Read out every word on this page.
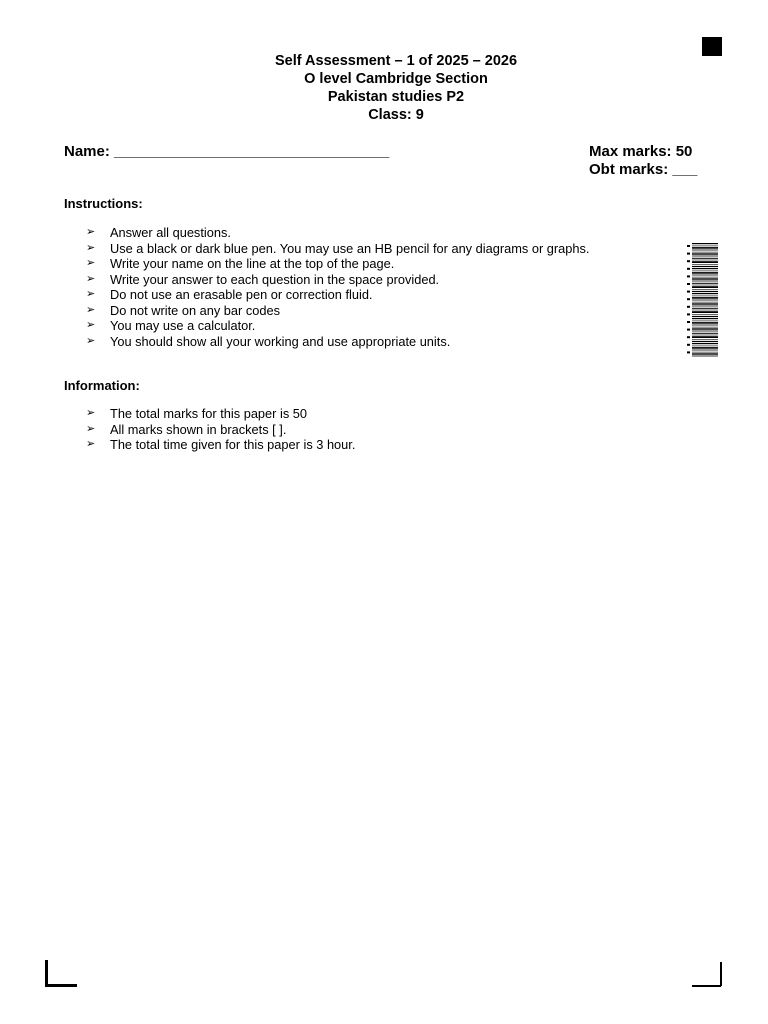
Self Assessment – 1 of 2025 – 2026
O level Cambridge Section
Pakistan studies P2
Class: 9
Name: _________________________________	Max marks: 50
Obt marks: ___
Instructions:
➢	Answer all questions.
➢	Use a black or dark blue pen. You may use an HB pencil for any diagrams or graphs.
➢	Write your name on the line at the top of the page.
➢	Write your answer to each question in the space provided.
➢	Do not use an erasable pen or correction fluid.
➢	Do not write on any bar codes
➢	You may use a calculator.
➢	You should show all your working and use appropriate units.
Information:
➢	The total marks for this paper is 50
➢	All marks shown in brackets [ ].
➢	The total time given for this paper is 3 hour.
